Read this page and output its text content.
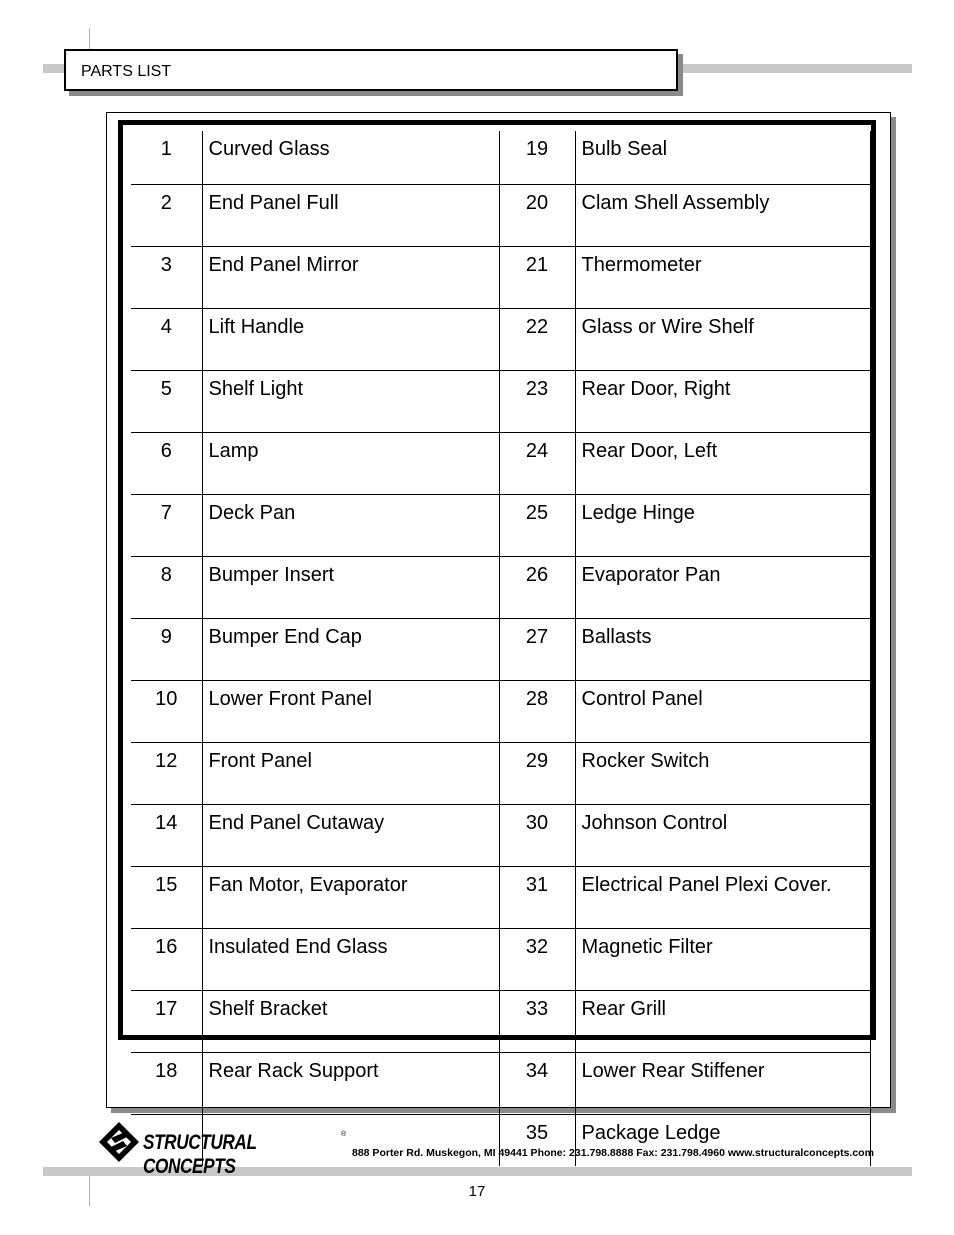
PARTS LIST
1	Curved Glass	19	Bulb Seal
2	End Panel Full	20	Clam Shell Assembly
3	End Panel Mirror	21	Thermometer
4	Lift Handle	22	Glass or Wire Shelf
5	Shelf Light	23	Rear Door, Right
6	Lamp	24	Rear Door, Left
7	Deck Pan	25	Ledge Hinge
8	Bumper Insert	26	Evaporator Pan
9	Bumper End Cap	27	Ballasts
10	Lower Front Panel	28	Control Panel
12	Front Panel	29	Rocker Switch
14	End Panel Cutaway	30	Johnson Control
15	Fan Motor, Evaporator	31	Electrical Panel Plexi Cover.
16	Insulated End Glass	32	Magnetic Filter
17	Shelf Bracket	33	Rear Grill
18	Rear Rack Support	34	Lower Rear Stiffener
		35	Package Ledge
STRUCTURAL CONCEPTS
®
888 Porter Rd. Muskegon, MI 49441 Phone: 231.798.8888 Fax: 231.798.4960 www.structuralconcepts.com
17
